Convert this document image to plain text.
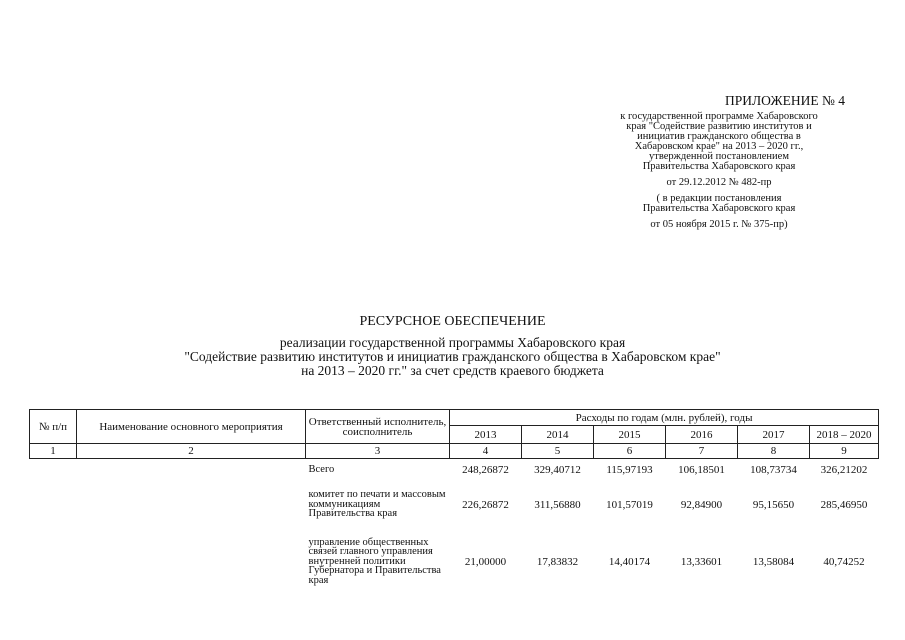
ПРИЛОЖЕНИЕ № 4
к государственной программе Хабаровского
края "Содействие развитию институтов и
инициатив гражданского общества в
Хабаровском крае" на 2013 – 2020 гг.,
утвержденной постановлением
Правительства Хабаровского края
от 29.12.2012 № 482-пр
( в редакции постановления
Правительства Хабаровского края
от 05 ноября 2015 г. № 375-пр)
РЕСУРСНОЕ ОБЕСПЕЧЕНИЕ
реализации государственной программы Хабаровского края
"Содействие развитию институтов и инициатив гражданского общества в Хабаровском крае"
на 2013 – 2020 гг." за счет средств краевого бюджета
№ п/п	Наименование основного мероприятия	Ответственный исполнитель, соисполнитель	Расходы по годам (млн. рублей), годы					
			2013	2014	2015	2016	2017	2018 – 2020
1	2	3	4	5	6	7	8	9
		Всего	248,26872	329,40712	115,97193	106,18501	108,73734	326,21202
		комитет по печати и массовым коммуникациям Правительства края	226,26872	311,56880	101,57019	92,84900	95,15650	285,46950
		управление общественных связей главного управления внутренней политики Губернатора и Правительства края	21,00000	17,83832	14,40174	13,33601	13,58084	40,74252
